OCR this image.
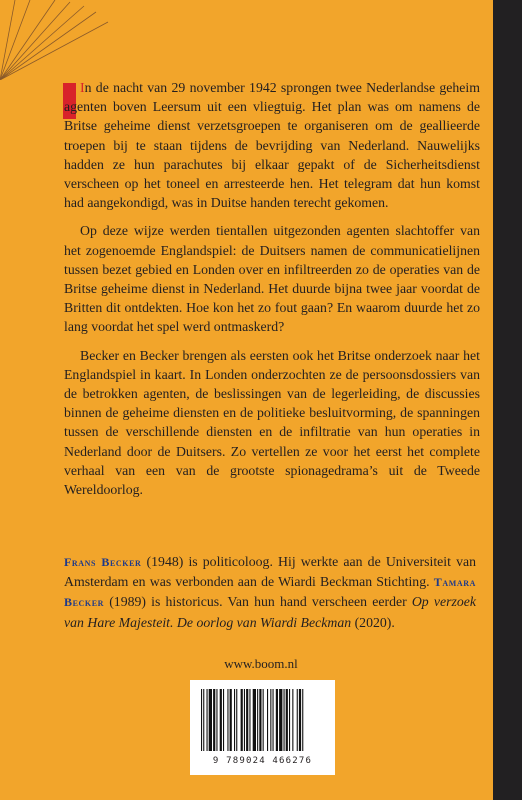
In de nacht van 29 november 1942 sprongen twee Nederlandse geheim agenten boven Leersum uit een vliegtuig. Het plan was om namens de Britse geheime dienst verzetsgroepen te organiseren om de geallieerde troepen bij te staan tijdens de bevrijding van Nederland. Nauwelijks hadden ze hun parachutes bij elkaar gepakt of de Sicherheitsdienst verscheen op het toneel en arresteerde hen. Het telegram dat hun komst had aangekondigd, was in Duitse handen terecht gekomen.

Op deze wijze werden tientallen uitgezonden agenten slachtoffer van het zogenoemde Englandspiel: de Duitsers namen de communicatielijnen tussen bezet gebied en Londen over en infiltreerden zo de operaties van de Britse geheime dienst in Nederland. Het duurde bijna twee jaar voordat de Britten dit ontdekten. Hoe kon het zo fout gaan? En waarom duurde het zo lang voordat het spel werd ontmaskerd?

Becker en Becker brengen als eersten ook het Britse onderzoek naar het Englandspiel in kaart. In Londen onderzochten ze de persoonsdossiers van de betrokken agenten, de beslissingen van de legerleiding, de discussies binnen de geheime diensten en de politieke besluitvorming, de spanningen tussen de verschillende diensten en de infiltratie van hun operaties in Nederland door de Duitsers. Zo vertellen ze voor het eerst het complete verhaal van een van de grootste spionagedrama’s uit de Tweede Wereldoorlog.

Frans Becker (1948) is politicoloog. Hij werkte aan de Universiteit van Amsterdam en was verbonden aan de Wiardi Beckman Stichting. Tamara Becker (1989) is historicus. Van hun hand verscheen eerder Op verzoek van Hare Majesteit. De oorlog van Wiardi Beckman (2020).

www.boom.nl
9 789024 466276
